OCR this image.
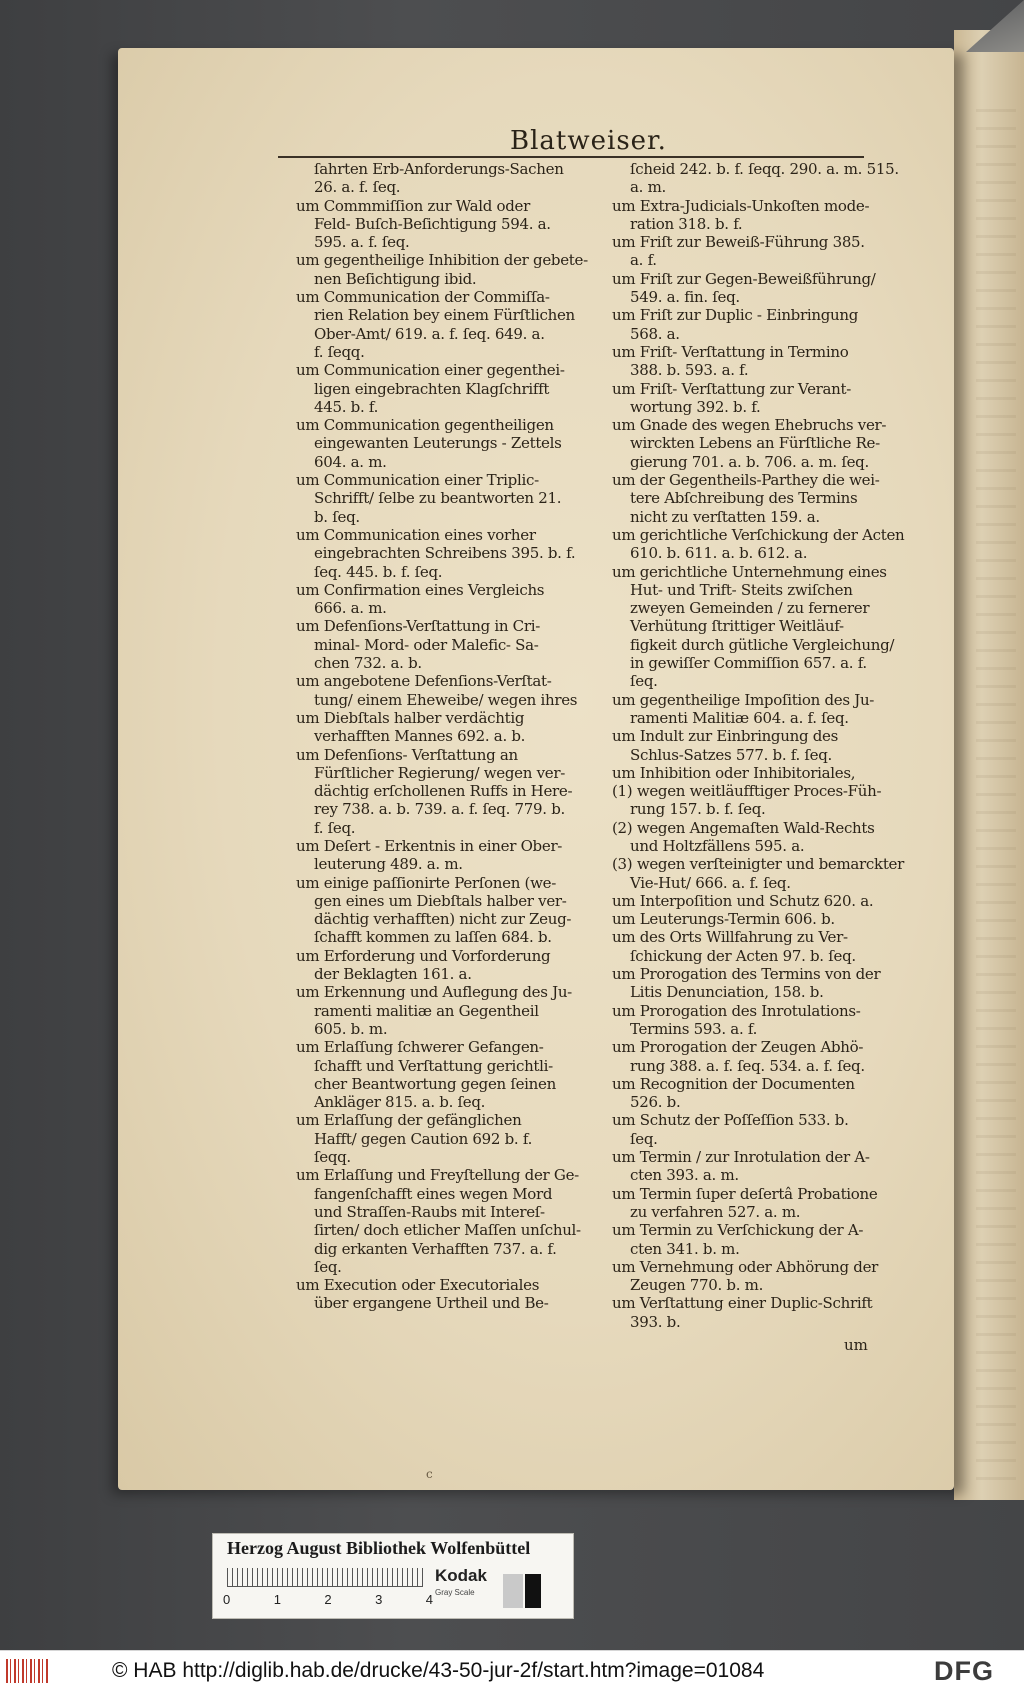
Blatweiser.
ſahrten Erb-Anforderungs-Sachen
26. a. f. ſeq.
um Commmiſſion zur Wald oder
Feld- Buſch-Beſichtigung 594. a.
595. a. f. ſeq.
um gegentheilige Inhibition der gebete-
nen Beſichtigung ibid.
um Communication der Commiſſa-
rien Relation bey einem Fürſtlichen
Ober-Amt/ 619. a. f. ſeq. 649. a.
f. ſeqq.
um Communication einer gegenthei-
ligen eingebrachten Klagſchrifft
445. b. f.
um Communication gegentheiligen
eingewanten Leuterungs - Zettels
604. a. m.
um Communication einer Triplic-
Schrifft/ ſelbe zu beantworten 21.
b. ſeq.
um Communication eines vorher
eingebrachten Schreibens 395. b. f.
ſeq. 445. b. f. ſeq.
um Confirmation eines Vergleichs
666. a. m.
um Defenſions-Verſtattung in Cri-
minal- Mord- oder Malefic- Sa-
chen 732. a. b.
um angebotene Defenſions-Verſtat-
tung/ einem Eheweibe/ wegen ihres
um Diebſtals halber verdächtig
verhafften Mannes 692. a. b.
um Defenſions- Verſtattung an
Fürſtlicher Regierung/ wegen ver-
dächtig erſchollenen Ruffs in Here-
rey 738. a. b. 739. a. f. ſeq. 779. b.
f. ſeq.
um Deſert - Erkentnis in einer Ober-
leuterung 489. a. m.
um einige paſſionirte Perſonen (we-
gen eines um Diebſtals halber ver-
dächtig verhafften) nicht zur Zeug-
ſchafft kommen zu laſſen 684. b.
um Erforderung und Vorforderung
der Beklagten 161. a.
um Erkennung und Auflegung des Ju-
ramenti malitiæ an Gegentheil
605. b. m.
um Erlaſſung ſchwerer Gefangen-
ſchafft und Verſtattung gerichtli-
cher Beantwortung gegen ſeinen
Ankläger 815. a. b. ſeq.
um Erlaſſung der gefänglichen
Hafft/ gegen Caution 692 b. f.
ſeqq.
um Erlaſſung und Freyſtellung der Ge-
fangenſchafft eines wegen Mord
und Straſſen-Raubs mit Intereſ-
ſirten/ doch etlicher Maſſen unſchul-
dig erkanten Verhafften 737. a. f.
ſeq.
um Execution oder Executoriales
über ergangene Urtheil und Be-
ſcheid 242. b. f. ſeqq. 290. a. m. 515.
a. m.
um Extra-Judicials-Unkoſten mode-
ration 318. b. f.
um Friſt zur Beweiß-Führung 385.
a. f.
um Friſt zur Gegen-Beweißführung/
549. a. fin. ſeq.
um Friſt zur Duplic - Einbringung
568. a.
um Friſt- Verſtattung in Termino
388. b. 593. a. f.
um Friſt- Verſtattung zur Verant-
wortung 392. b. f.
um Gnade des wegen Ehebruchs ver-
wirckten Lebens an Fürſtliche Re-
gierung 701. a. b. 706. a. m. ſeq.
um der Gegentheils-Parthey die wei-
tere Abſchreibung des Termins
nicht zu verſtatten 159. a.
um gerichtliche Verſchickung der Acten
610. b. 611. a. b. 612. a.
um gerichtliche Unternehmung eines
Hut- und Trift- Steits zwiſchen
zweyen Gemeinden / zu fernerer
Verhütung ſtrittiger Weitläuf-
figkeit durch gütliche Vergleichung/
in gewiſſer Commiſſion 657. a. f.
ſeq.
um gegentheilige Impoſition des Ju-
ramenti Malitiæ 604. a. f. ſeq.
um Indult zur Einbringung des
Schlus-Satzes 577. b. f. ſeq.
um Inhibition oder Inhibitoriales,
(1) wegen weitläufftiger Proces-Füh-
rung 157. b. f. ſeq.
(2) wegen Angemaſten Wald-Rechts
und Holtzfällens 595. a.
(3) wegen verſteinigter und bemarckter
Vie-Hut/ 666. a. f. ſeq.
um Interpoſition und Schutz 620. a.
um Leuterungs-Termin 606. b.
um des Orts Willfahrung zu Ver-
ſchickung der Acten 97. b. ſeq.
um Prorogation des Termins von der
Litis Denunciation, 158. b.
um Prorogation des Inrotulations-
Termins 593. a. f.
um Prorogation der Zeugen Abhö-
rung 388. a. f. ſeq. 534. a. f. ſeq.
um Recognition der Documenten
526. b.
um Schutz der Poſſeſſion 533. b.
ſeq.
um Termin / zur Inrotulation der A-
cten 393. a. m.
um Termin ſuper deſertâ Probatione
zu verfahren 527. a. m.
um Termin zu Verſchickung der A-
cten 341. b. m.
um Vernehmung oder Abhörung der
Zeugen 770. b. m.
um Verſtattung einer Duplic-Schrift
393. b.
um
c
Herzog August Bibliothek Wolfenbüttel
0	1	2	3	4
Kodak
Gray Scale
© HAB http://diglib.hab.de/drucke/43-50-jur-2f/start.htm?image=01084	DFG
